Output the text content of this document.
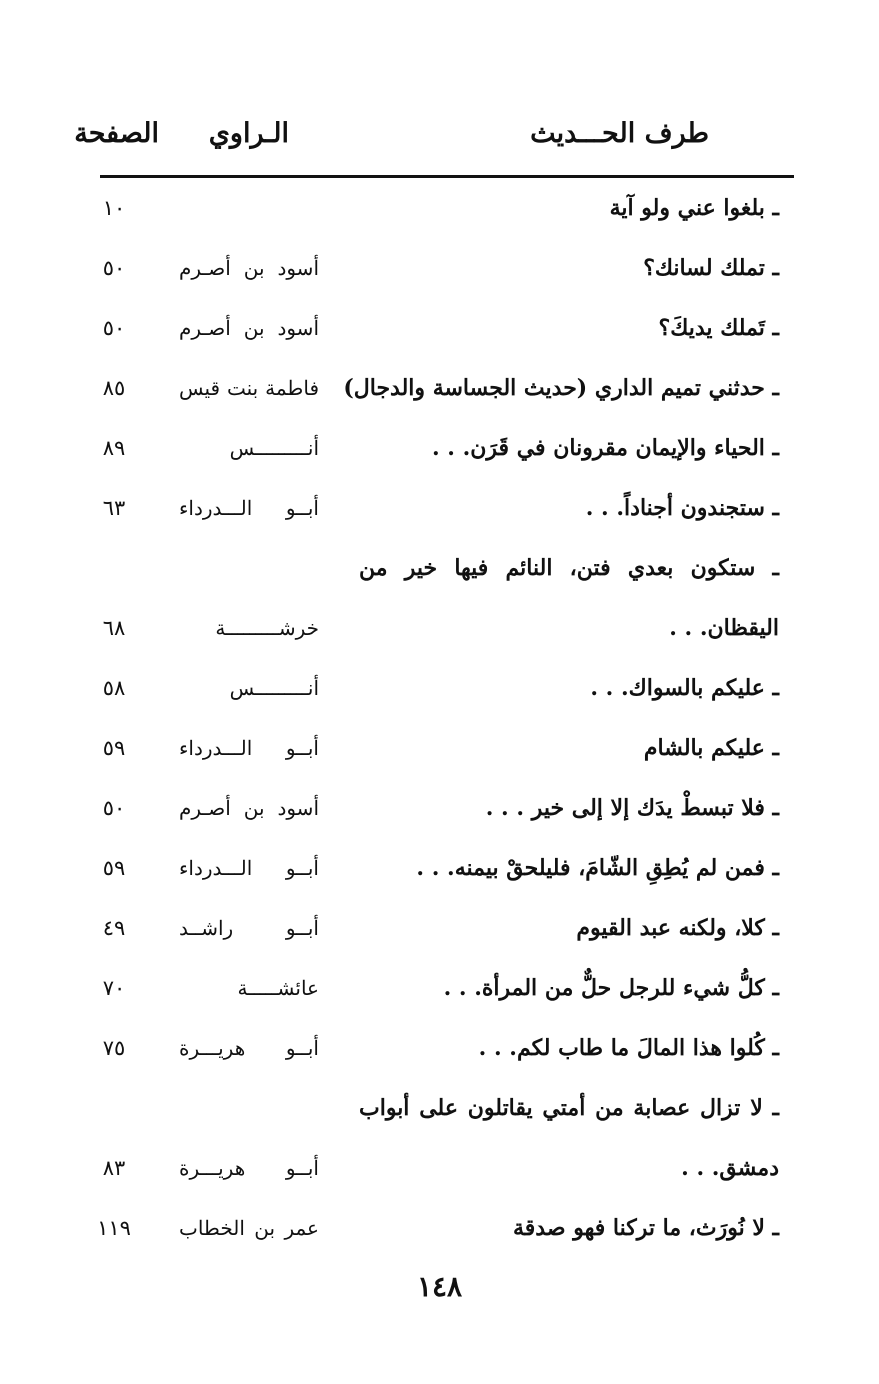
طرف الحـــديث
الـراوي
الصفحة
ـ بلغوا عني ولو آية
١٠
ـ تملك لسانك؟
أسود بن أصـرم
٥٠
ـ تَملك يديكَ؟
أسود بن أصـرم
٥٠
ـ حدثني تميم الداري (حديث الجساسة والدجال)
فاطمة بنت قيس
٨٥
ـ الحياء والإيمان مقرونان في قَرَن. . .
أنـــــــــس
٨٩
ـ ستجندون أجناداً. . .
أبــو الـــدرداء
٦٣
ـ ستكون بعدي فتن، النائم فيها خير من اليقظان. . .
خرشـــــــــة
٦٨
ـ عليكم بالسواك. . .
أنـــــــــس
٥٨
ـ عليكم بالشام
أبــو الـــدرداء
٥٩
ـ فلا تبسطْ يدَك إلا إلى خير . . .
أسود بن أصـرم
٥٠
ـ فمن لم يُطِقِ الشّامَ، فليلحقْ بيمنه. . .
أبــو الـــدرداء
٥٩
ـ كلا، ولكنه عبد القيوم
أبــو راشــد
٤٩
ـ كلُّ شيء للرجل حلٌّ من المرأة. . .
عائشـــــة
٧٠
ـ كُلوا هذا المالَ ما طاب لكم. . .
أبــو هريـــرة
٧٥
ـ لا تزال عصابة من أمتي يقاتلون على أبواب دمشق. . .
أبــو هريـــرة
٨٣
ـ لا نُورَث، ما تركنا فهو صدقة
عمر بن الخطاب
١١٩
١٤٨
